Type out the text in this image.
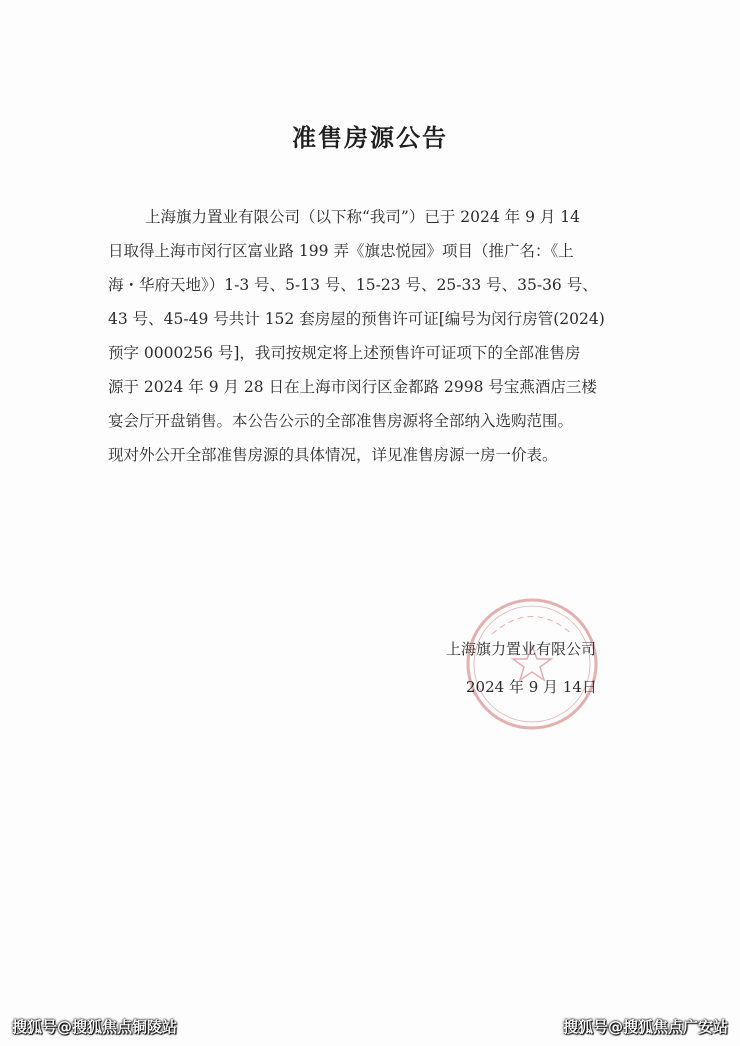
准售房源公告
上海旗力置业有限公司（以下称“我司”）已于 2024 年 9 月 14
日取得上海市闵行区富业路 199 弄《旗忠悦园》项目（推广名：《上
海・华府天地》）1-3 号、5-13 号、15-23 号、25-33 号、35-36 号、
43 号、45-49 号共计 152 套房屋的预售许可证[编号为闵行房管(2024)
预字 0000256 号]，我司按规定将上述预售许可证项下的全部准售房
源于 2024 年 9 月 28 日在上海市闵行区金都路 2998 号宝燕酒店三楼
宴会厅开盘销售。本公告公示的全部准售房源将全部纳入选购范围。
现对外公开全部准售房源的具体情况，详见准售房源一房一价表。
上海旗力置业有限公司
2024 年 9 月 14日
搜狐号@搜狐焦点铜陵站	搜狐号@搜狐焦点广安站
